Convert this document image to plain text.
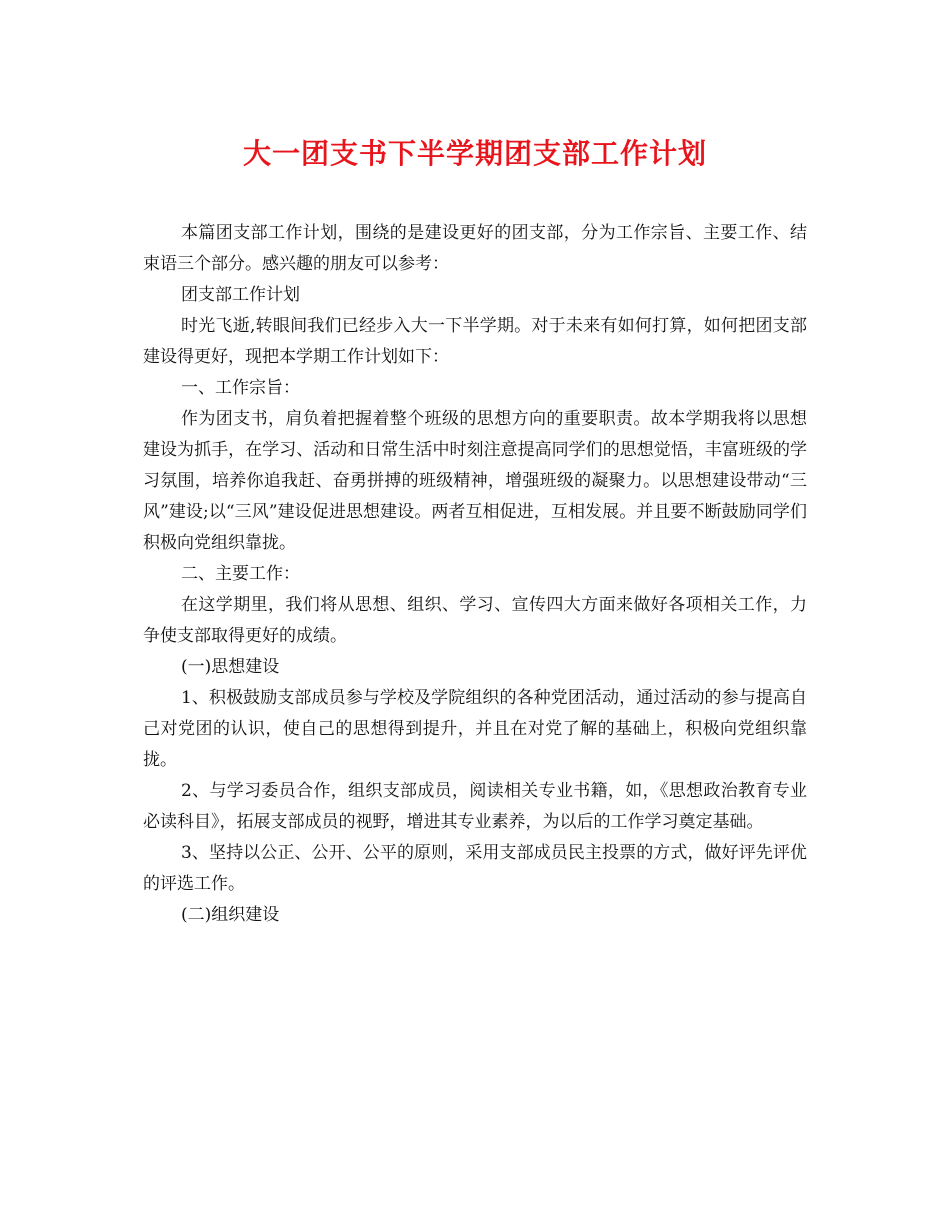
大一团支书下半学期团支部工作计划

本篇团支部工作计划，围绕的是建设更好的团支部，分为工作宗旨、主要工作、结束语三个部分。感兴趣的朋友可以参考：

团支部工作计划

时光飞逝,转眼间我们已经步入大一下半学期。对于未来有如何打算，如何把团支部建设得更好，现把本学期工作计划如下：

一、工作宗旨：

作为团支书，肩负着把握着整个班级的思想方向的重要职责。故本学期我将以思想建设为抓手，在学习、活动和日常生活中时刻注意提高同学们的思想觉悟，丰富班级的学习氛围，培养你追我赶、奋勇拼搏的班级精神，增强班级的凝聚力。以思想建设带动“三风”建设;以“三风”建设促进思想建设。两者互相促进，互相发展。并且要不断鼓励同学们积极向党组织靠拢。

二、主要工作：

在这学期里，我们将从思想、组织、学习、宣传四大方面来做好各项相关工作，力争使支部取得更好的成绩。

(一)思想建设

1、积极鼓励支部成员参与学校及学院组织的各种党团活动，通过活动的参与提高自己对党团的认识，使自己的思想得到提升，并且在对党了解的基础上，积极向党组织靠拢。

2、与学习委员合作，组织支部成员，阅读相关专业书籍，如，《思想政治教育专业必读科目》，拓展支部成员的视野，增进其专业素养，为以后的工作学习奠定基础。

3、坚持以公正、公开、公平的原则，采用支部成员民主投票的方式，做好评先评优的评选工作。

(二)组织建设
